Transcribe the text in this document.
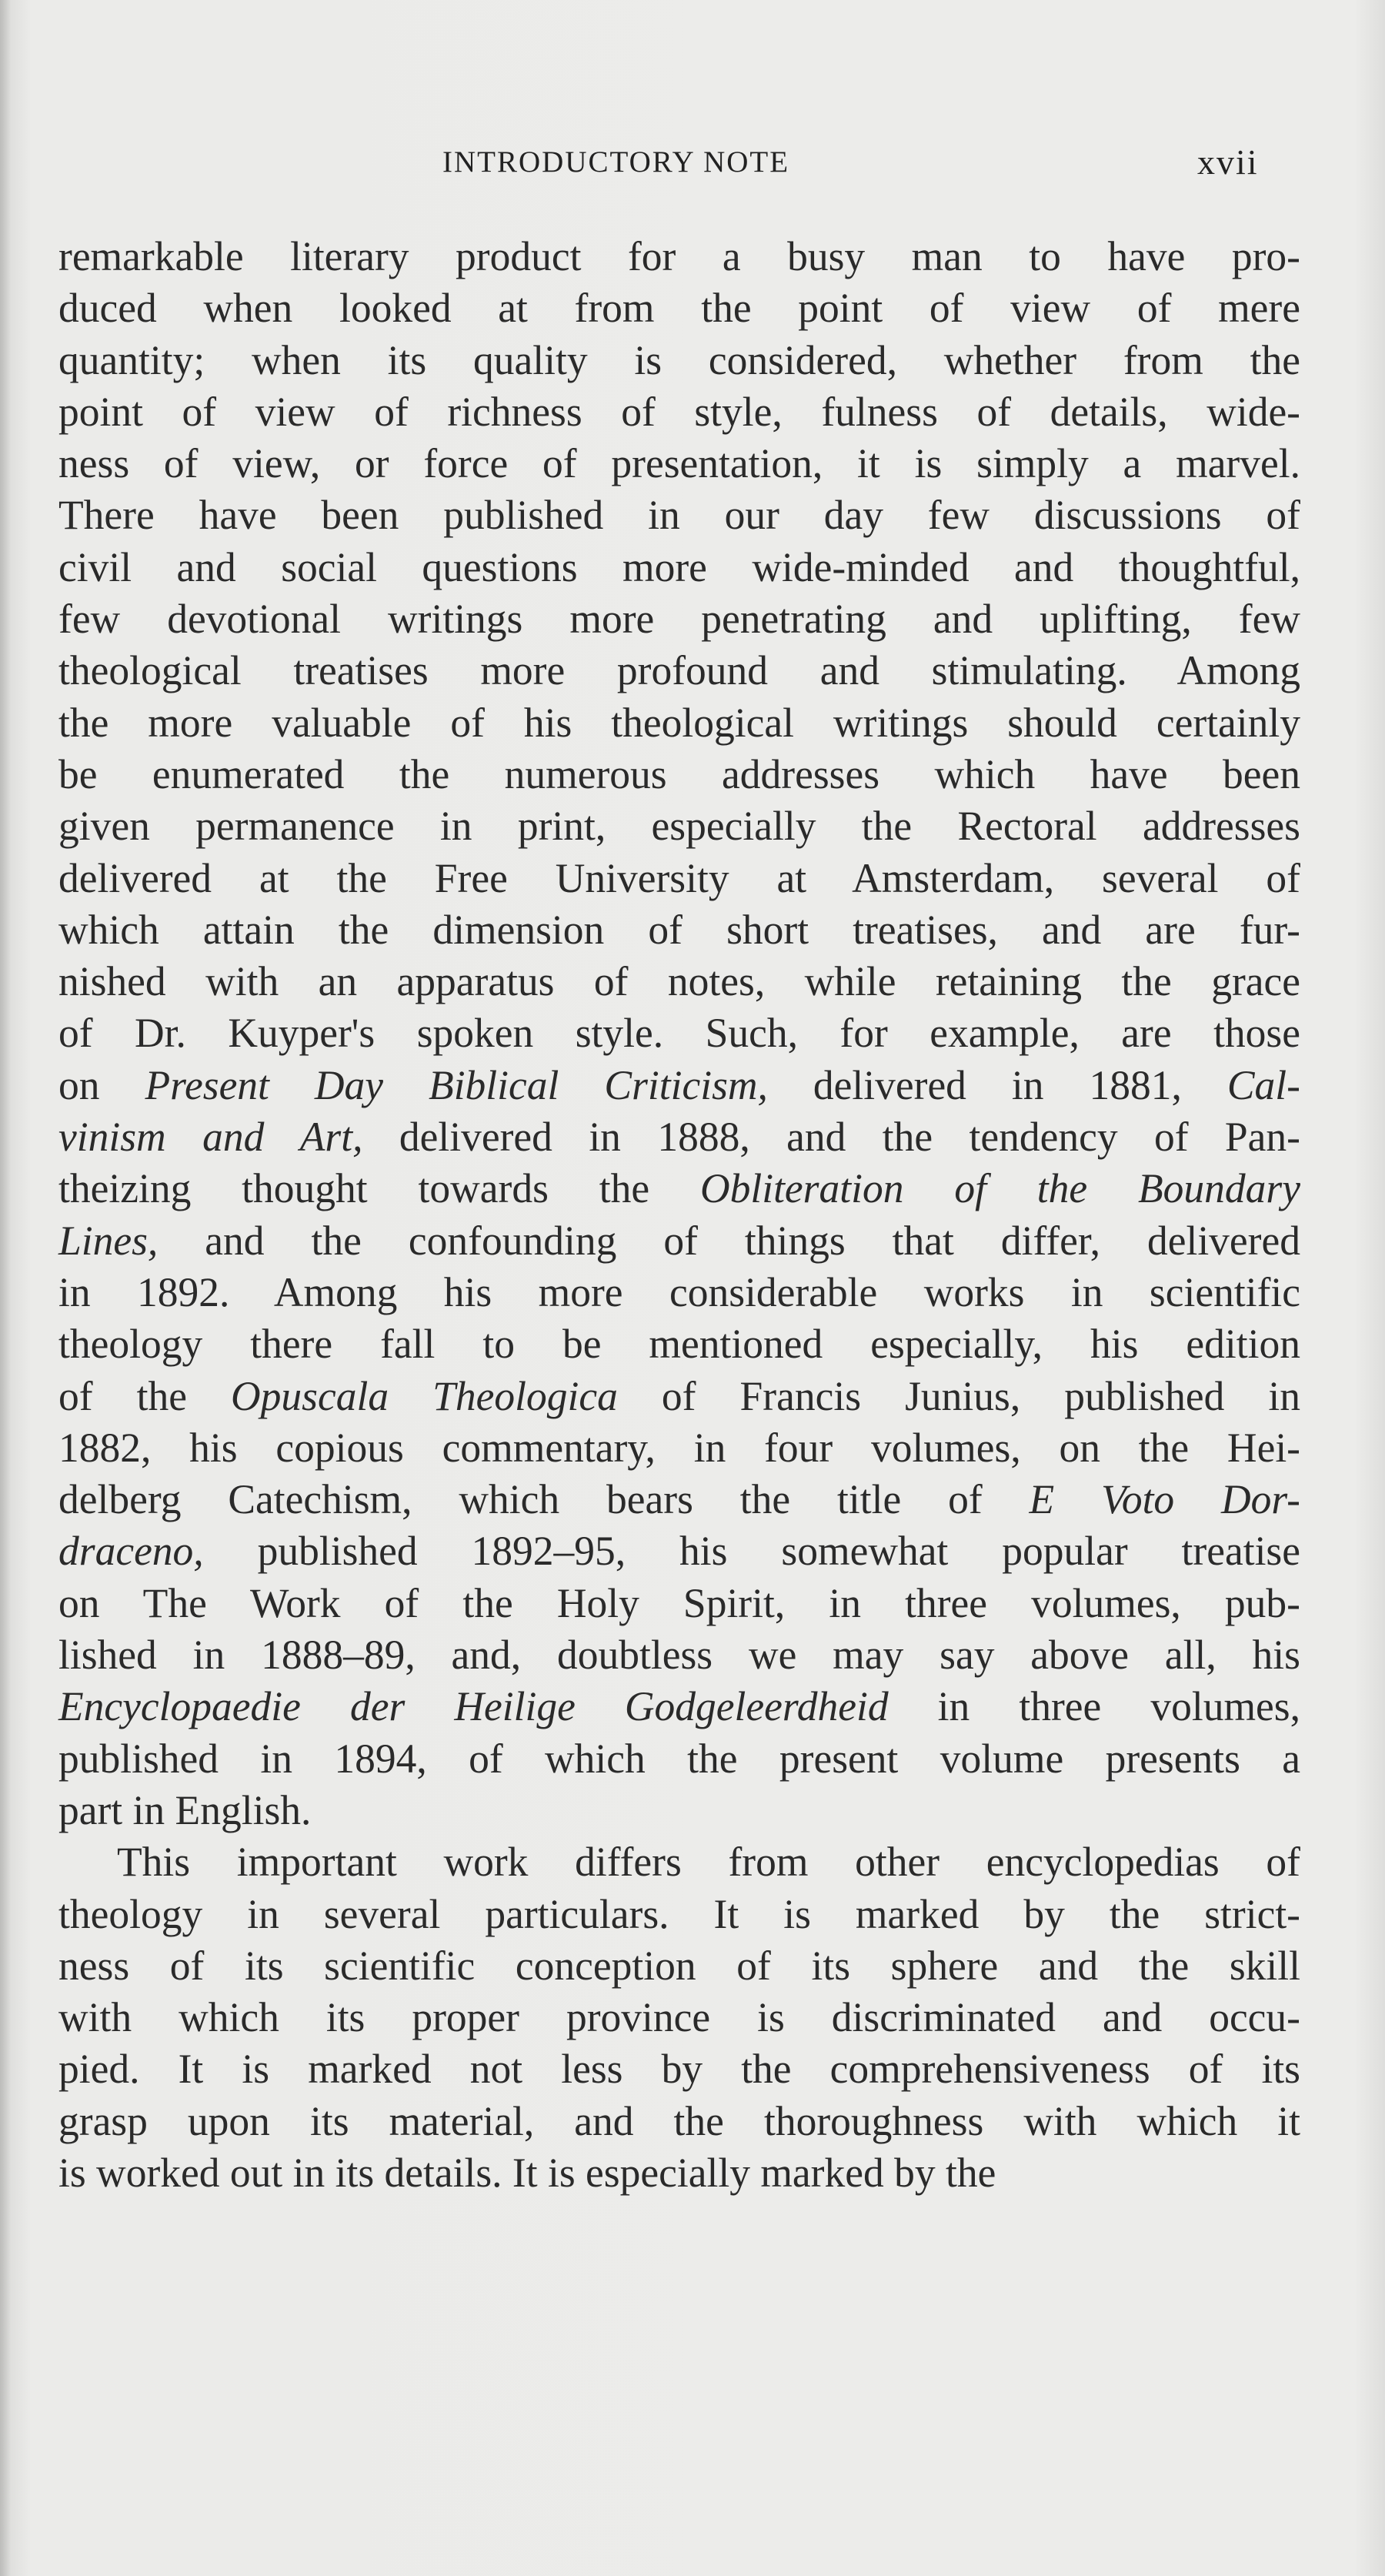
INTRODUCTORY NOTE	xvii
remarkable literary product for a busy man to have pro-
duced when looked at from the point of view of mere
quantity; when its quality is considered, whether from the
point of view of richness of style, fulness of details, wide-
ness of view, or force of presentation, it is simply a marvel.
There have been published in our day few discussions of
civil and social questions more wide-minded and thoughtful,
few devotional writings more penetrating and uplifting, few
theological treatises more profound and stimulating. Among
the more valuable of his theological writings should certainly
be enumerated the numerous addresses which have been
given permanence in print, especially the Rectoral addresses
delivered at the Free University at Amsterdam, several of
which attain the dimension of short treatises, and are fur-
nished with an apparatus of notes, while retaining the grace
of Dr. Kuyper's spoken style. Such, for example, are those
on Present Day Biblical Criticism, delivered in 1881, Cal-
vinism and Art, delivered in 1888, and the tendency of Pan-
theizing thought towards the Obliteration of the Boundary
Lines, and the confounding of things that differ, delivered
in 1892. Among his more considerable works in scientific
theology there fall to be mentioned especially, his edition
of the Opuscala Theologica of Francis Junius, published in
1882, his copious commentary, in four volumes, on the Hei-
delberg Catechism, which bears the title of E Voto Dor-
draceno, published 1892–95, his somewhat popular treatise
on The Work of the Holy Spirit, in three volumes, pub-
lished in 1888–89, and, doubtless we may say above all, his
Encyclopaedie der Heilige Godgeleerdheid in three volumes,
published in 1894, of which the present volume presents a
part in English.
This important work differs from other encyclopedias of
theology in several particulars. It is marked by the strict-
ness of its scientific conception of its sphere and the skill
with which its proper province is discriminated and occu-
pied. It is marked not less by the comprehensiveness of its
grasp upon its material, and the thoroughness with which it
is worked out in its details. It is especially marked by the
